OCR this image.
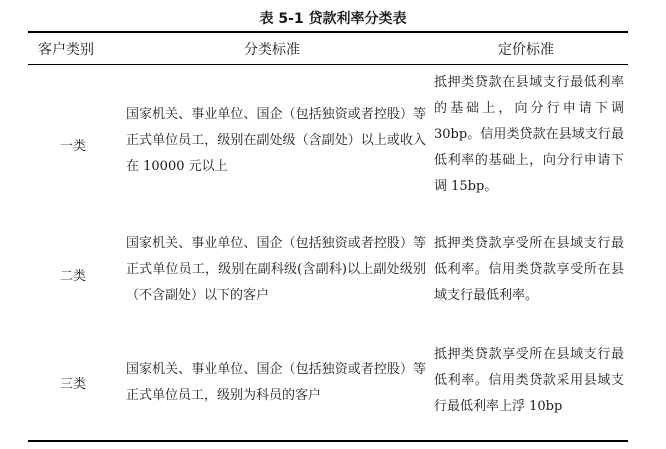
表 5-1 贷款利率分类表
客户类别	分类标准	定价标准
一类
国家机关、事业单位、国企（包括独资或者控股）等正式单位员工，级别在副处级（含副处）以上或收入在 10000 元以上
抵押类贷款在县域支行最低利率的基础上，向分行申请下调 30bp。信用类贷款在县域支行最低利率的基础上，向分行申请下调 15bp。
二类
国家机关、事业单位、国企（包括独资或者控股）等正式单位员工，级别在副科级(含副科)以上副处级别（不含副处）以下的客户
抵押类贷款享受所在县域支行最低利率。信用类贷款享受所在县域支行最低利率。
三类
国家机关、事业单位、国企（包括独资或者控股）等正式单位员工，级别为科员的客户
抵押类贷款享受所在县域支行最低利率。信用类贷款采用县域支行最低利率上浮 10bp
